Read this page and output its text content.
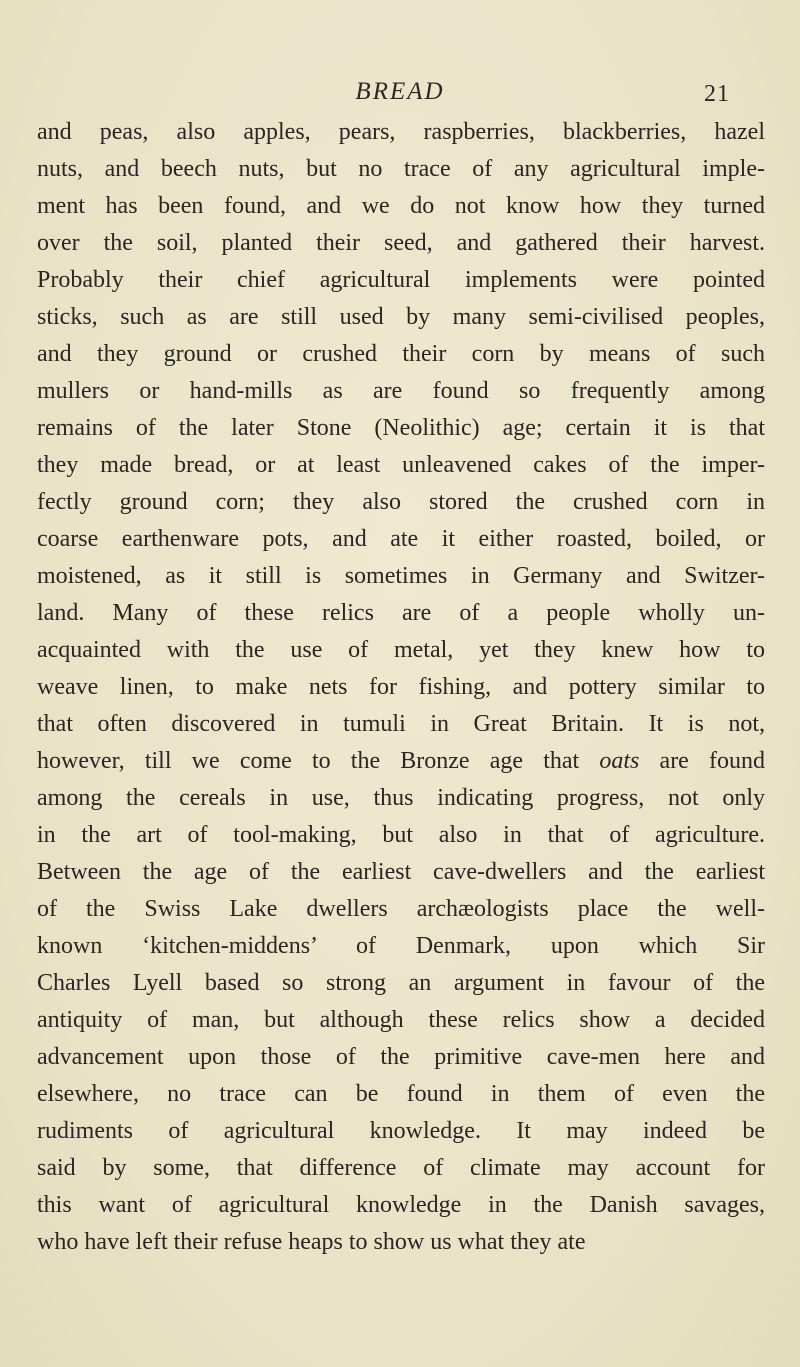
BREAD	21
and peas, also apples, pears, raspberries, blackberries, hazel
nuts, and beech nuts, but no trace of any agricultural imple-
ment has been found, and we do not know how they turned
over the soil, planted their seed, and gathered their harvest.
Probably their chief agricultural implements were pointed
sticks, such as are still used by many semi-civilised peoples,
and they ground or crushed their corn by means of such
mullers or hand-mills as are found so frequently among
remains of the later Stone (Neolithic) age; certain it is that
they made bread, or at least unleavened cakes of the imper-
fectly ground corn; they also stored the crushed corn in
coarse earthenware pots, and ate it either roasted, boiled, or
moistened, as it still is sometimes in Germany and Switzer-
land. Many of these relics are of a people wholly un-
acquainted with the use of metal, yet they knew how to
weave linen, to make nets for fishing, and pottery similar to
that often discovered in tumuli in Great Britain. It is not,
however, till we come to the Bronze age that oats are found
among the cereals in use, thus indicating progress, not only
in the art of tool-making, but also in that of agriculture.
Between the age of the earliest cave-dwellers and the earliest
of the Swiss Lake dwellers archæologists place the well-
known ‘kitchen-middens’ of Denmark, upon which Sir
Charles Lyell based so strong an argument in favour of the
antiquity of man, but although these relics show a decided
advancement upon those of the primitive cave-men here and
elsewhere, no trace can be found in them of even the
rudiments of agricultural knowledge. It may indeed be
said by some, that difference of climate may account for
this want of agricultural knowledge in the Danish savages,
who have left their refuse heaps to show us what they ate
